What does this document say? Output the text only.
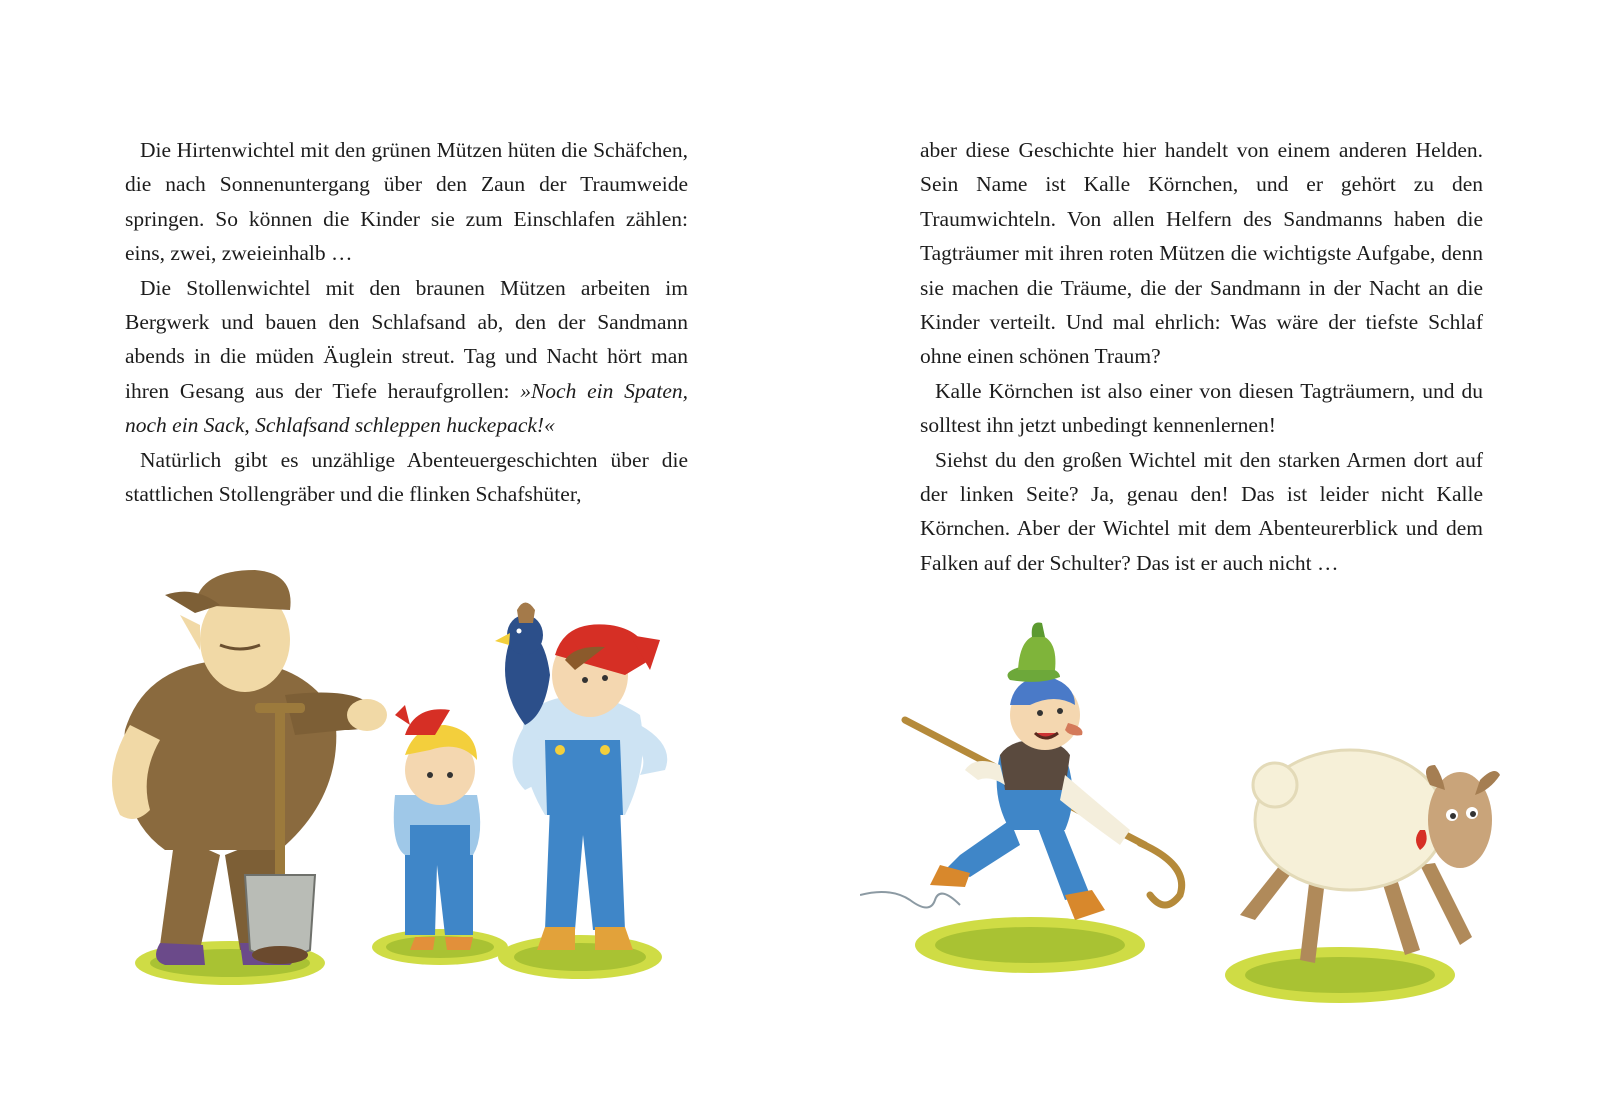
Die Hirtenwichtel mit den grünen Mützen hüten die Schäfchen, die nach Sonnenuntergang über den Zaun der Traumweide springen. So können die Kinder sie zum Einschlafen zählen: eins, zwei, zweieinhalb …

Die Stollenwichtel mit den braunen Mützen arbeiten im Bergwerk und bauen den Schlafsand ab, den der Sandmann abends in die müden Äuglein streut. Tag und Nacht hört man ihren Gesang aus der Tiefe heraufgrollen: »Noch ein Spaten, noch ein Sack, Schlafsand schleppen huckepack!«

Natürlich gibt es unzählige Abenteuergeschichten über die stattlichen Stollengräber und die flinken Schafshüter,

aber diese Geschichte hier handelt von einem anderen Helden. Sein Name ist Kalle Körnchen, und er gehört zu den Traumwichteln. Von allen Helfern des Sandmanns haben die Tagträumer mit ihren roten Mützen die wichtigste Aufgabe, denn sie machen die Träume, die der Sandmann in der Nacht an die Kinder verteilt. Und mal ehrlich: Was wäre der tiefste Schlaf ohne einen schönen Traum?

Kalle Körnchen ist also einer von diesen Tagträumern, und du solltest ihn jetzt unbedingt kennenlernen!

Siehst du den großen Wichtel mit den starken Armen dort auf der linken Seite? Ja, genau den! Das ist leider nicht Kalle Körnchen. Aber der Wichtel mit dem Abenteurerblick und dem Falken auf der Schulter? Das ist er auch nicht …
